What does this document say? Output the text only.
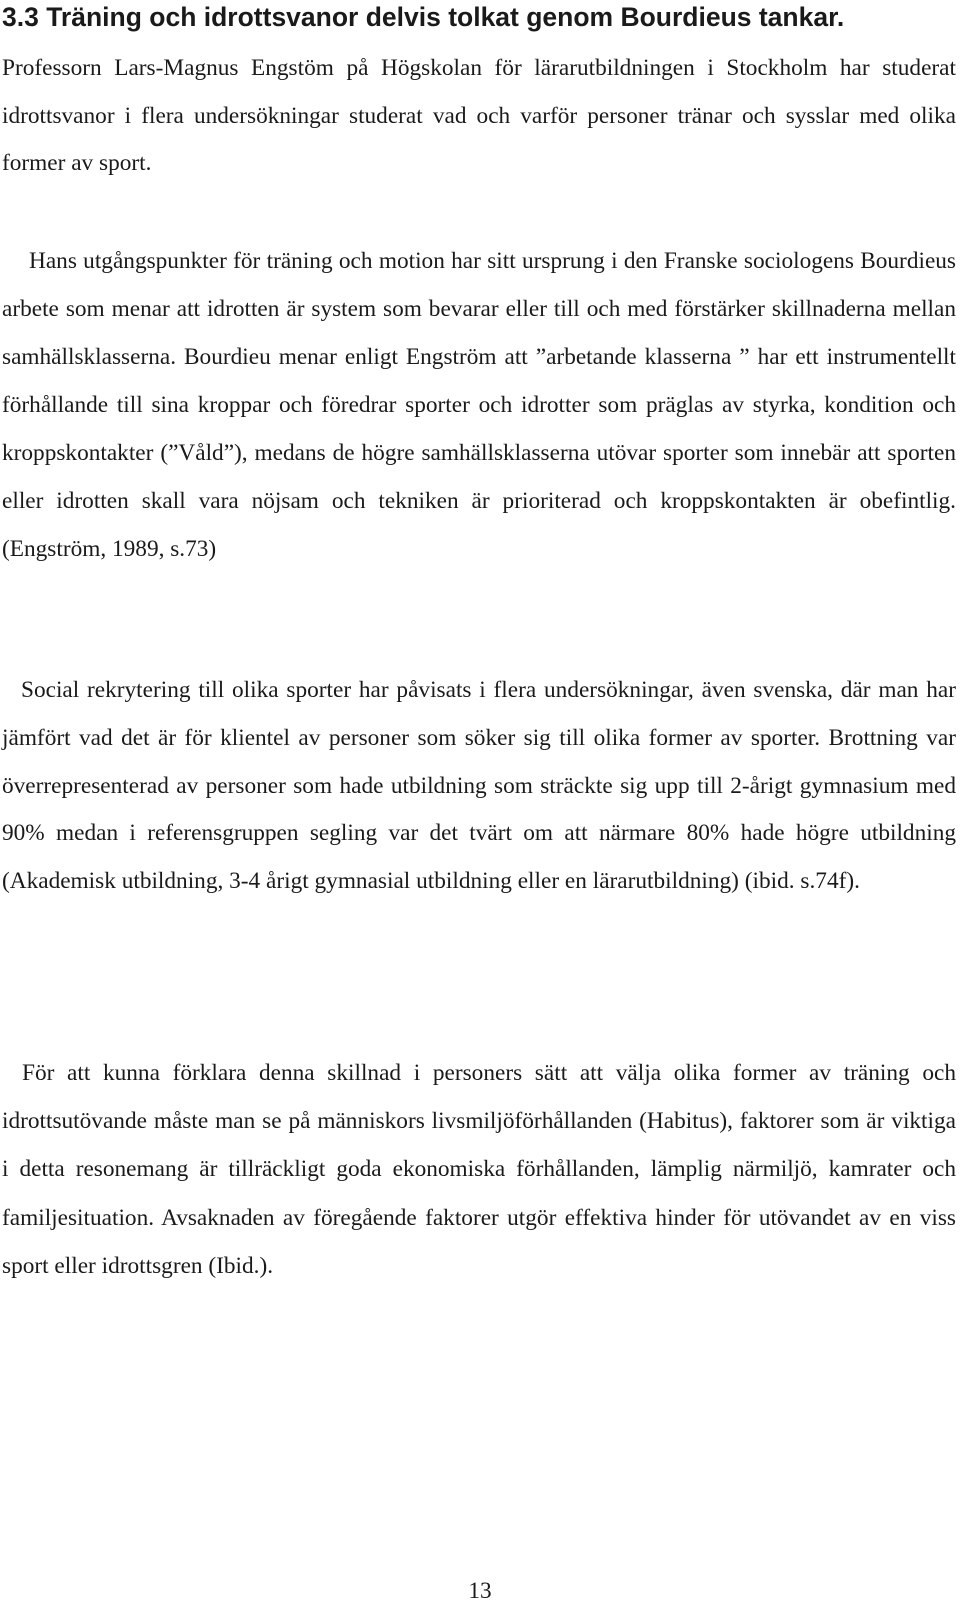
3.3 Träning och idrottsvanor delvis tolkat genom Bourdieus tankar.

Professorn Lars-Magnus Engstöm på Högskolan för lärarutbildningen i Stockholm har studerat idrottsvanor i flera undersökningar studerat vad och varför personer tränar och sysslar med olika former av sport.

Hans utgångspunkter för träning och motion har sitt ursprung i den Franske sociologens Bourdieus arbete som menar att idrotten är system som bevarar eller till och med förstärker skillnaderna mellan samhällsklasserna. Bourdieu menar enligt Engström att ”arbetande klasserna ” har ett instrumentellt förhållande till sina kroppar och föredrar sporter och idrotter som präglas av styrka, kondition och kroppskontakter (”Våld”), medans de högre samhällsklasserna utövar sporter som innebär att sporten eller idrotten skall vara nöjsam och tekniken är prioriterad och kroppskontakten är obefintlig. (Engström, 1989, s.73)

Social rekrytering till olika sporter har påvisats i flera undersökningar, även svenska, där man har jämfört vad det är för klientel av personer som söker sig till olika former av sporter. Brottning var överrepresenterad av personer som hade utbildning som sträckte sig upp till 2-årigt gymnasium med 90% medan i referensgruppen segling var det tvärt om att närmare 80% hade högre utbildning (Akademisk utbildning, 3-4 årigt gymnasial utbildning eller en lärarutbildning) (ibid. s.74f).

För att kunna förklara denna skillnad i personers sätt att välja olika former av träning och idrottsutövande måste man se på människors livsmiljöförhållanden (Habitus), faktorer som är viktiga i detta resonemang är tillräckligt goda ekonomiska förhållanden, lämplig närmiljö, kamrater och familjesituation. Avsaknaden av föregående faktorer utgör effektiva hinder för utövandet av en viss sport eller idrottsgren (Ibid.).

13
